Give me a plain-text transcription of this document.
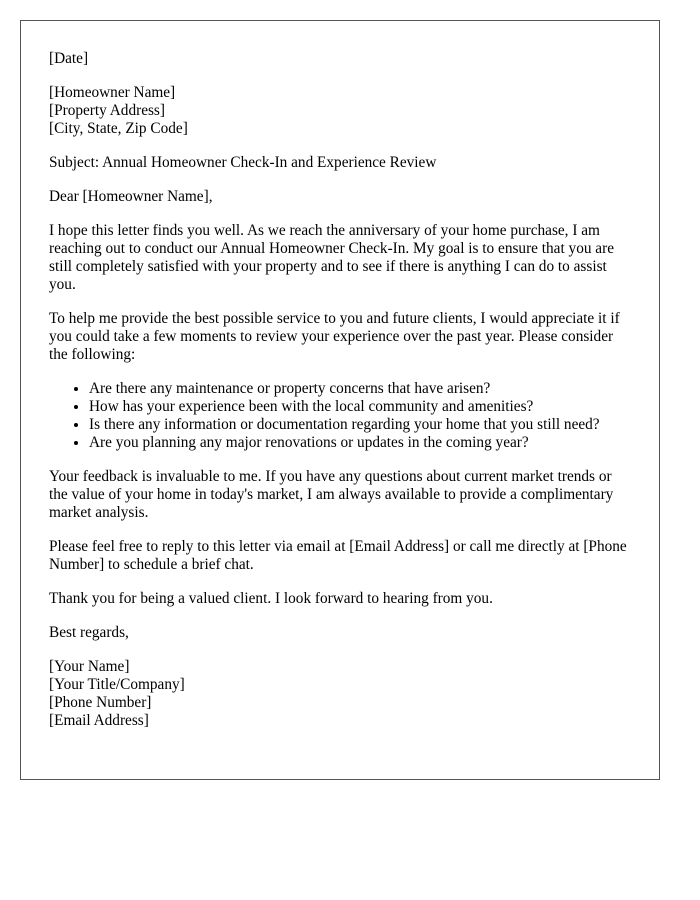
[Date]

[Homeowner Name]
[Property Address]
[City, State, Zip Code]

Subject: Annual Homeowner Check-In and Experience Review

Dear [Homeowner Name],

I hope this letter finds you well. As we reach the anniversary of your home purchase, I am reaching out to conduct our Annual Homeowner Check-In. My goal is to ensure that you are still completely satisfied with your property and to see if there is anything I can do to assist you.

To help me provide the best possible service to you and future clients, I would appreciate it if you could take a few moments to review your experience over the past year. Please consider the following:

• Are there any maintenance or property concerns that have arisen?
• How has your experience been with the local community and amenities?
• Is there any information or documentation regarding your home that you still need?
• Are you planning any major renovations or updates in the coming year?

Your feedback is invaluable to me. If you have any questions about current market trends or the value of your home in today's market, I am always available to provide a complimentary market analysis.

Please feel free to reply to this letter via email at [Email Address] or call me directly at [Phone Number] to schedule a brief chat.

Thank you for being a valued client. I look forward to hearing from you.

Best regards,

[Your Name]
[Your Title/Company]
[Phone Number]
[Email Address]
